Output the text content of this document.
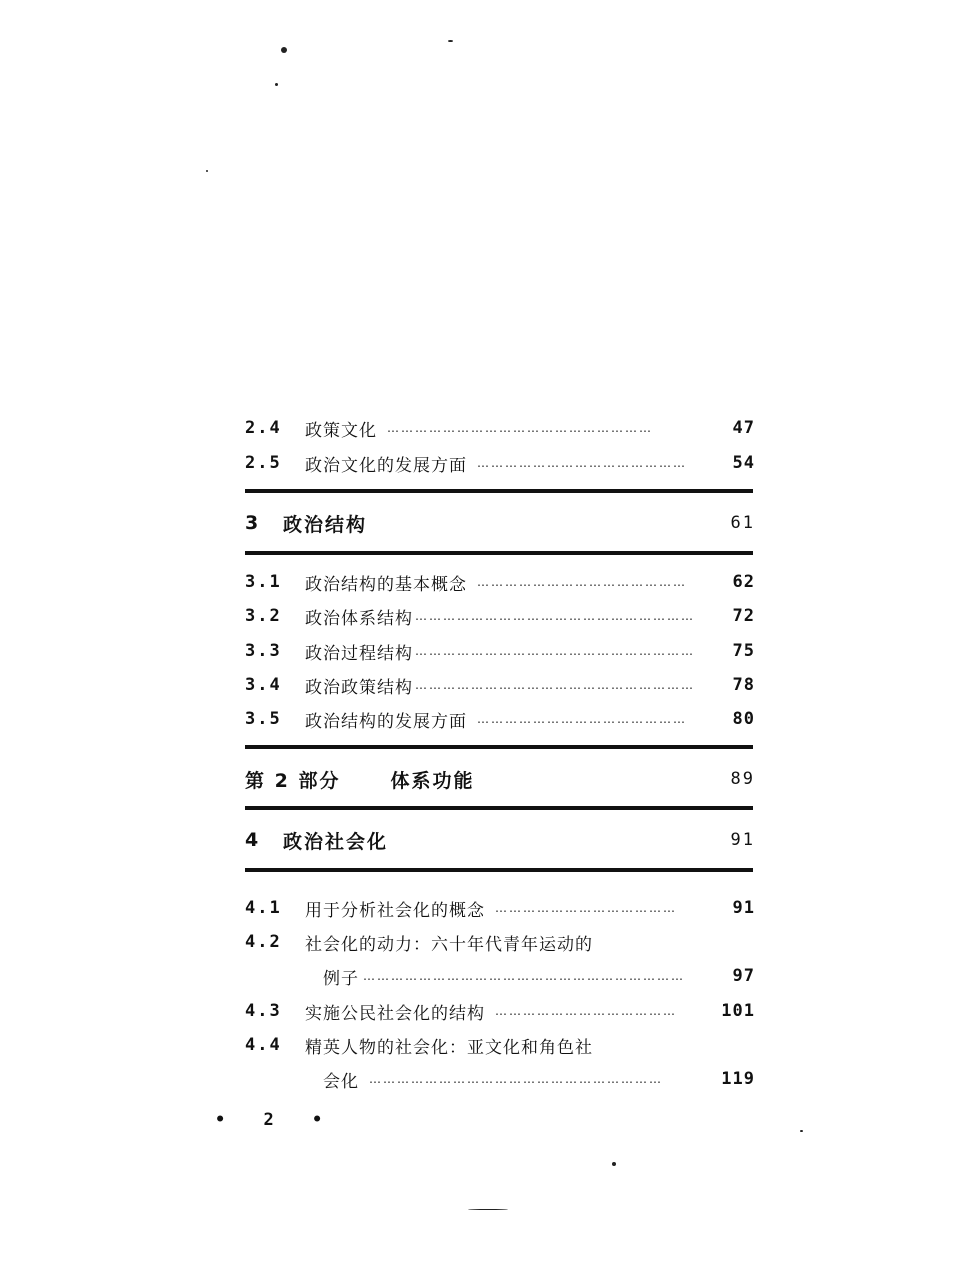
2.4	政策文化 …………………………………………………	47
2.5	政治文化的发展方面 ………………………………………	54
3	政治结构	61
3.1	政治结构的基本概念 ………………………………………	62
3.2	政治体系结构 ……………………………………………………	72
3.3	政治过程结构 ……………………………………………………	75
3.4	政治政策结构 ……………………………………………………	78
3.5	政治结构的发展方面 ………………………………………	80
第 2 部分	体系功能	89
4	政治社会化	91
4.1	用于分析社会化的概念 …………………………………	91
4.2	社会化的动力：六十年代青年运动的
例子 ……………………………………………………………	97
4.3	实施公民社会化的结构 …………………………………	101
4.4	精英人物的社会化：亚文化和角色社
会化 ………………………………………………………	119
• 2 •
